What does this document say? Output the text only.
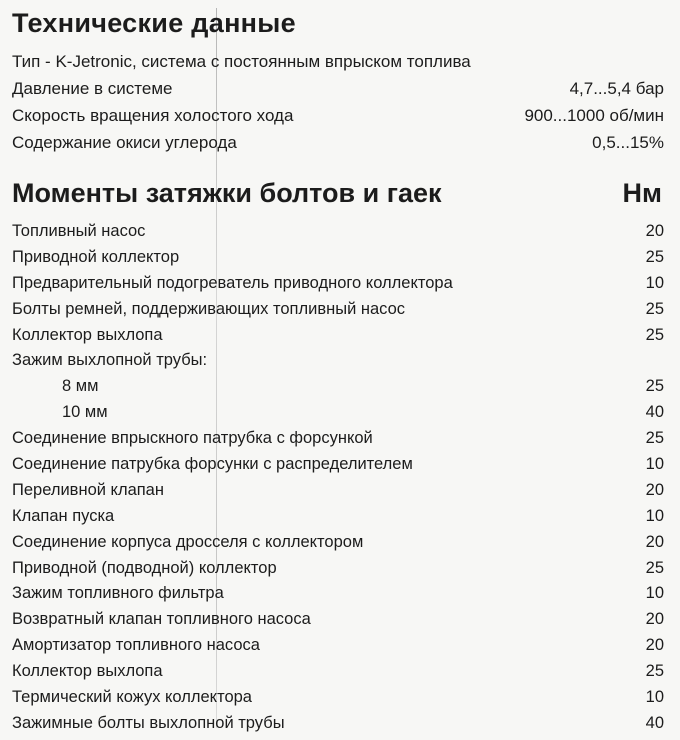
Технические данные
Тип - K-Jetronic, система с постоянным впрыском топлива
Давление в системе	4,7...5,4 бар
Скорость вращения холостого хода	900...1000 об/мин
Содержание окиси углерода	0,5...15%
Моменты затяжки болтов и гаек	Нм
Топливный насос	20
Приводной коллектор	25
Предварительный подогреватель приводного коллектора	10
Болты ремней, поддерживающих топливный насос	25
Коллектор выхлопа	25
Зажим выхлопной трубы:
8 мм	25
10 мм	40
Соединение впрыскного патрубка с форсункой	25
Соединение патрубка форсунки с распределителем	10
Переливной клапан	20
Клапан пуска	10
Соединение корпуса дросселя с коллектором	20
Приводной (подводной) коллектор	25
Зажим топливного фильтра	10
Возвратный клапан топливного насоса	20
Амортизатор топливного насоса	20
Коллектор выхлопа	25
Термический кожух коллектора	10
Зажимные болты выхлопной трубы	40
